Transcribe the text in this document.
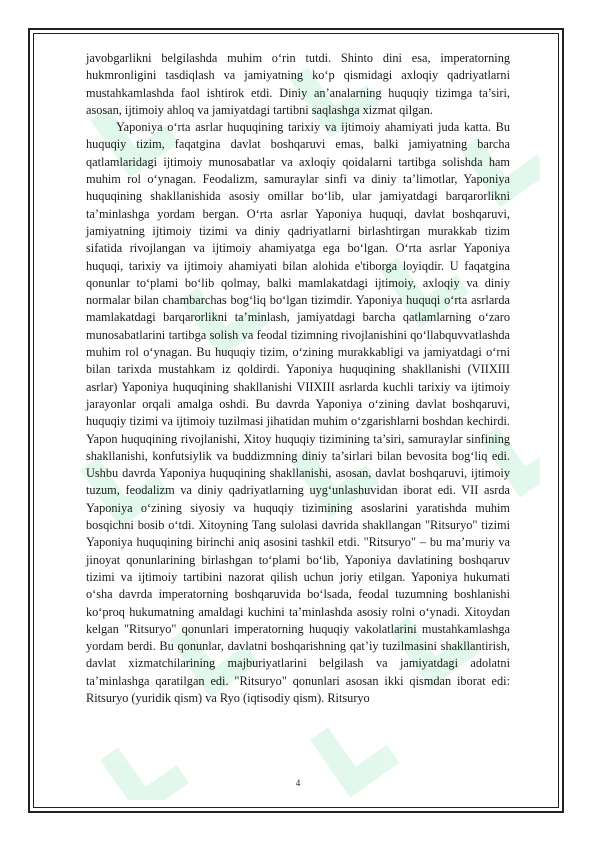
javobgarlikni belgilashda muhim o‘rin tutdi. Shinto dini esa, imperatorning hukmronligini tasdiqlash va jamiyatning ko‘p qismidagi axloqiy qadriyatlarni mustahkamlashda faol ishtirok etdi. Diniy an’analarning huquqiy tizimga ta’siri, asosan, ijtimoiy ahloq va jamiyatdagi tartibni saqlashga xizmat qilgan.

Yaponiya o‘rta asrlar huquqining tarixiy va ijtimoiy ahamiyati juda katta. Bu huquqiy tizim, faqatgina davlat boshqaruvi emas, balki jamiyatning barcha qatlamlaridagi ijtimoiy munosabatlar va axloqiy qoidalarni tartibga solishda ham muhim rol o‘ynagan. Feodalizm, samuraylar sinfi va diniy ta’limotlar, Yaponiya huquqining shakllanishida asosiy omillar bo‘lib, ular jamiyatdagi barqarorlikni ta’minlashga yordam bergan. O‘rta asrlar Yaponiya huquqi, davlat boshqaruvi, jamiyatning ijtimoiy tizimi va diniy qadriyatlarni birlashtirgan murakkab tizim sifatida rivojlangan va ijtimoiy ahamiyatga ega bo‘lgan. O‘rta asrlar Yaponiya huquqi, tarixiy va ijtimoiy ahamiyati bilan alohida e'tiborga loyiqdir. U faqatgina qonunlar to‘plami bo‘lib qolmay, balki mamlakatdagi ijtimoiy, axloqiy va diniy normalar bilan chambarchas bog‘liq bo‘lgan tizimdir. Yaponiya huquqi o‘rta asrlarda mamlakatdagi barqarorlikni ta’minlash, jamiyatdagi barcha qatlamlarning o‘zaro munosabatlarini tartibga solish va feodal tizimning rivojlanishini qo‘llabquvvatlashda muhim rol o‘ynagan. Bu huquqiy tizim, o‘zining murakkabligi va jamiyatdagi o‘rni bilan tarixda mustahkam iz qoldirdi. Yaponiya huquqining shakllanishi (VIIXIII asrlar) Yaponiya huquqining shakllanishi VIIXIII asrlarda kuchli tarixiy va ijtimoiy jarayonlar orqali amalga oshdi. Bu davrda Yaponiya o‘zining davlat boshqaruvi, huquqiy tizimi va ijtimoiy tuzilmasi jihatidan muhim o‘zgarishlarni boshdan kechirdi. Yapon huquqining rivojlanishi, Xitoy huquqiy tizimining ta’siri, samuraylar sinfining shakllanishi, konfutsiylik va buddizmning diniy ta’sirlari bilan bevosita bog‘liq edi. Ushbu davrda Yaponiya huquqining shakllanishi, asosan, davlat boshqaruvi, ijtimoiy tuzum, feodalizm va diniy qadriyatlarning uyg‘unlashuvidan iborat edi. VII asrda Yaponiya o‘zining siyosiy va huquqiy tizimining asoslarini yaratishda muhim bosqichni bosib o‘tdi. Xitoyning Tang sulolasi davrida shakllangan "Ritsuryo" tizimi Yaponiya huquqining birinchi aniq asosini tashkil etdi. "Ritsuryo" – bu ma’muriy va jinoyat qonunlarining birlashgan to‘plami bo‘lib, Yaponiya davlatining boshqaruv tizimi va ijtimoiy tartibini nazorat qilish uchun joriy etilgan. Yaponiya hukumati o‘sha davrda imperatorning boshqaruvida bo‘lsada, feodal tuzumning boshlanishi ko‘proq hukumatning amaldagi kuchini ta’minlashda asosiy rolni o‘ynadi. Xitoydan kelgan "Ritsuryo" qonunlari imperatorning huquqiy vakolatlarini mustahkamlashga yordam berdi. Bu qonunlar, davlatni boshqarishning qat’iy tuzilmasini shakllantirish, davlat xizmatchilarining majburiyatlarini belgilash va jamiyatdagi adolatni ta’minlashga qaratilgan edi. "Ritsuryo" qonunlari asosan ikki qismdan iborat edi: Ritsuryo (yuridik qism) va Ryo (iqtisodiy qism). Ritsuryo

4
